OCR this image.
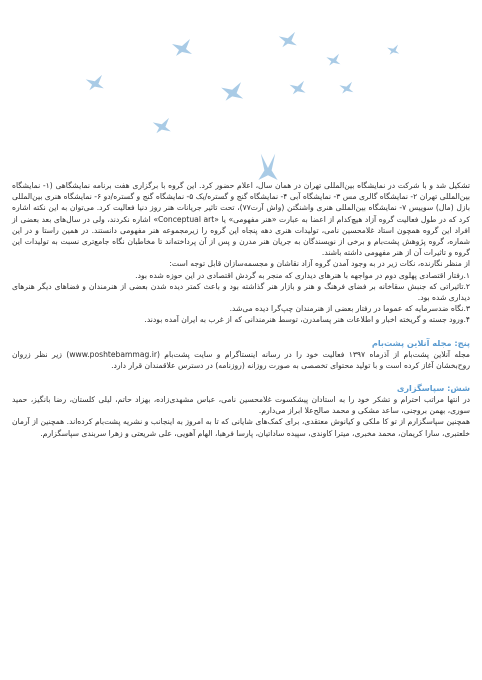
تشکیل شد و با شرکت در نمایشگاه بین‌المللی تهران در همان سال، اعلام حضور کرد. این گروه با برگزاری هفت برنامه نمایشگاهی (۱- نمایشگاه بین‌المللی تهران ۲- نمایشگاه گالری مس ۳- نمایشگاه آبی ۴- نمایشگاه گنج و گستره/یک ۵- نمایشگاه گنج و گستره/دو ۶- نمایشگاه هنری بین‌المللی بازل (مال) سوییس ۷- نمایشگاه بین‌المللی هنری واشنگتن (واش آرت۷۷)، تحت تاثیر جریانات هنر روز دنیا فعالیت کرد. می‌توان به این نکته اشاره کرد که در طول فعالیت گروه آزاد هیچ‌کدام از اعضا به عبارت «هنر مفهومی» یا «Conceptual art» اشاره نکردند، ولی در سال‌های بعد بعضی از افراد این گروه همچون استاد غلامحسین نامی، تولیدات هنری دهه پنجاه این گروه را زیرمجموعه هنر مفهومی دانستند. در همین راستا و در این شماره، گروه پژوهش پشت‌بام و برخی از نویسندگان به جریان هنر مدرن و پس از آن پرداخته‌اند تا مخاطبان نگاه جامع‌تری نسبت به تولیدات این گروه و تاثیرات آن از هنر مفهومی داشته باشند.

از منظر نگارنده، نکات زیر در به وجود آمدن گروه آزاد نقاشان و مجسمه‌سازان قابل توجه است:

۱.رفتار اقتصادی پهلوی دوم در مواجهه با هنرهای دیداری که منجر به گردش اقتصادی در این حوزه شده بود.
۲.تاثیراتی که جنبش سقاخانه بر فضای فرهنگ و هنر و بازار هنر گذاشته بود و باعث کمتر دیده شدن بعضی از هنرمندان و فضاهای دیگر هنرهای دیداری شده بود.
۳.نگاه ضدسرمایه که عموما در رفتار بعضی از هنرمندان چپ‌گرا دیده می‌شد.
۴.ورود جسته و گریخته اخبار و اطلاعات هنر پسامدرن، توسط هنرمندانی که از غرب به ایران آمده بودند.
پنج: مجله آنلاین پشت‌بام

مجله آنلاین پشت‌بام از آذرماه ۱۳۹۷ فعالیت خود را در رسانه اینستاگرام و سایت پشت‌بام (www.poshtebammag.ir) زیر نظر زروان روح‌بخشان آغاز کرده است و با تولید محتوای تخصصی به صورت روزانه (روزنامه) در دسترس علاقمندان قرار دارد.

شش: سپاسگزاری

در انتها مراتب احترام و تشکر خود را به استادان پیشکسوت غلامحسین نامی، عباس مشهدی‌زاده، بهزاد حاتم، لیلی کلستان، رضا بانگیز، حمید سوری، بهمن بروجنی، ساعد مشکی و محمد صالح‌علا ابراز می‌دارم.

همچنین سپاسگزارم از تو کا ملکی و کیانوش معتقدی، برای کمک‌های شایانی که تا به امروز به اینجانب و نشریه پشت‌بام کرده‌اند. همچنین از آرمان خلعتبری، سارا کریمان، محمد مخبری، میترا کاوندی، سپیده ساداتیان، پارسا فرهبا، الهام آهویی، علی شریعتی و زهرا سربندی سپاسگزارم.
